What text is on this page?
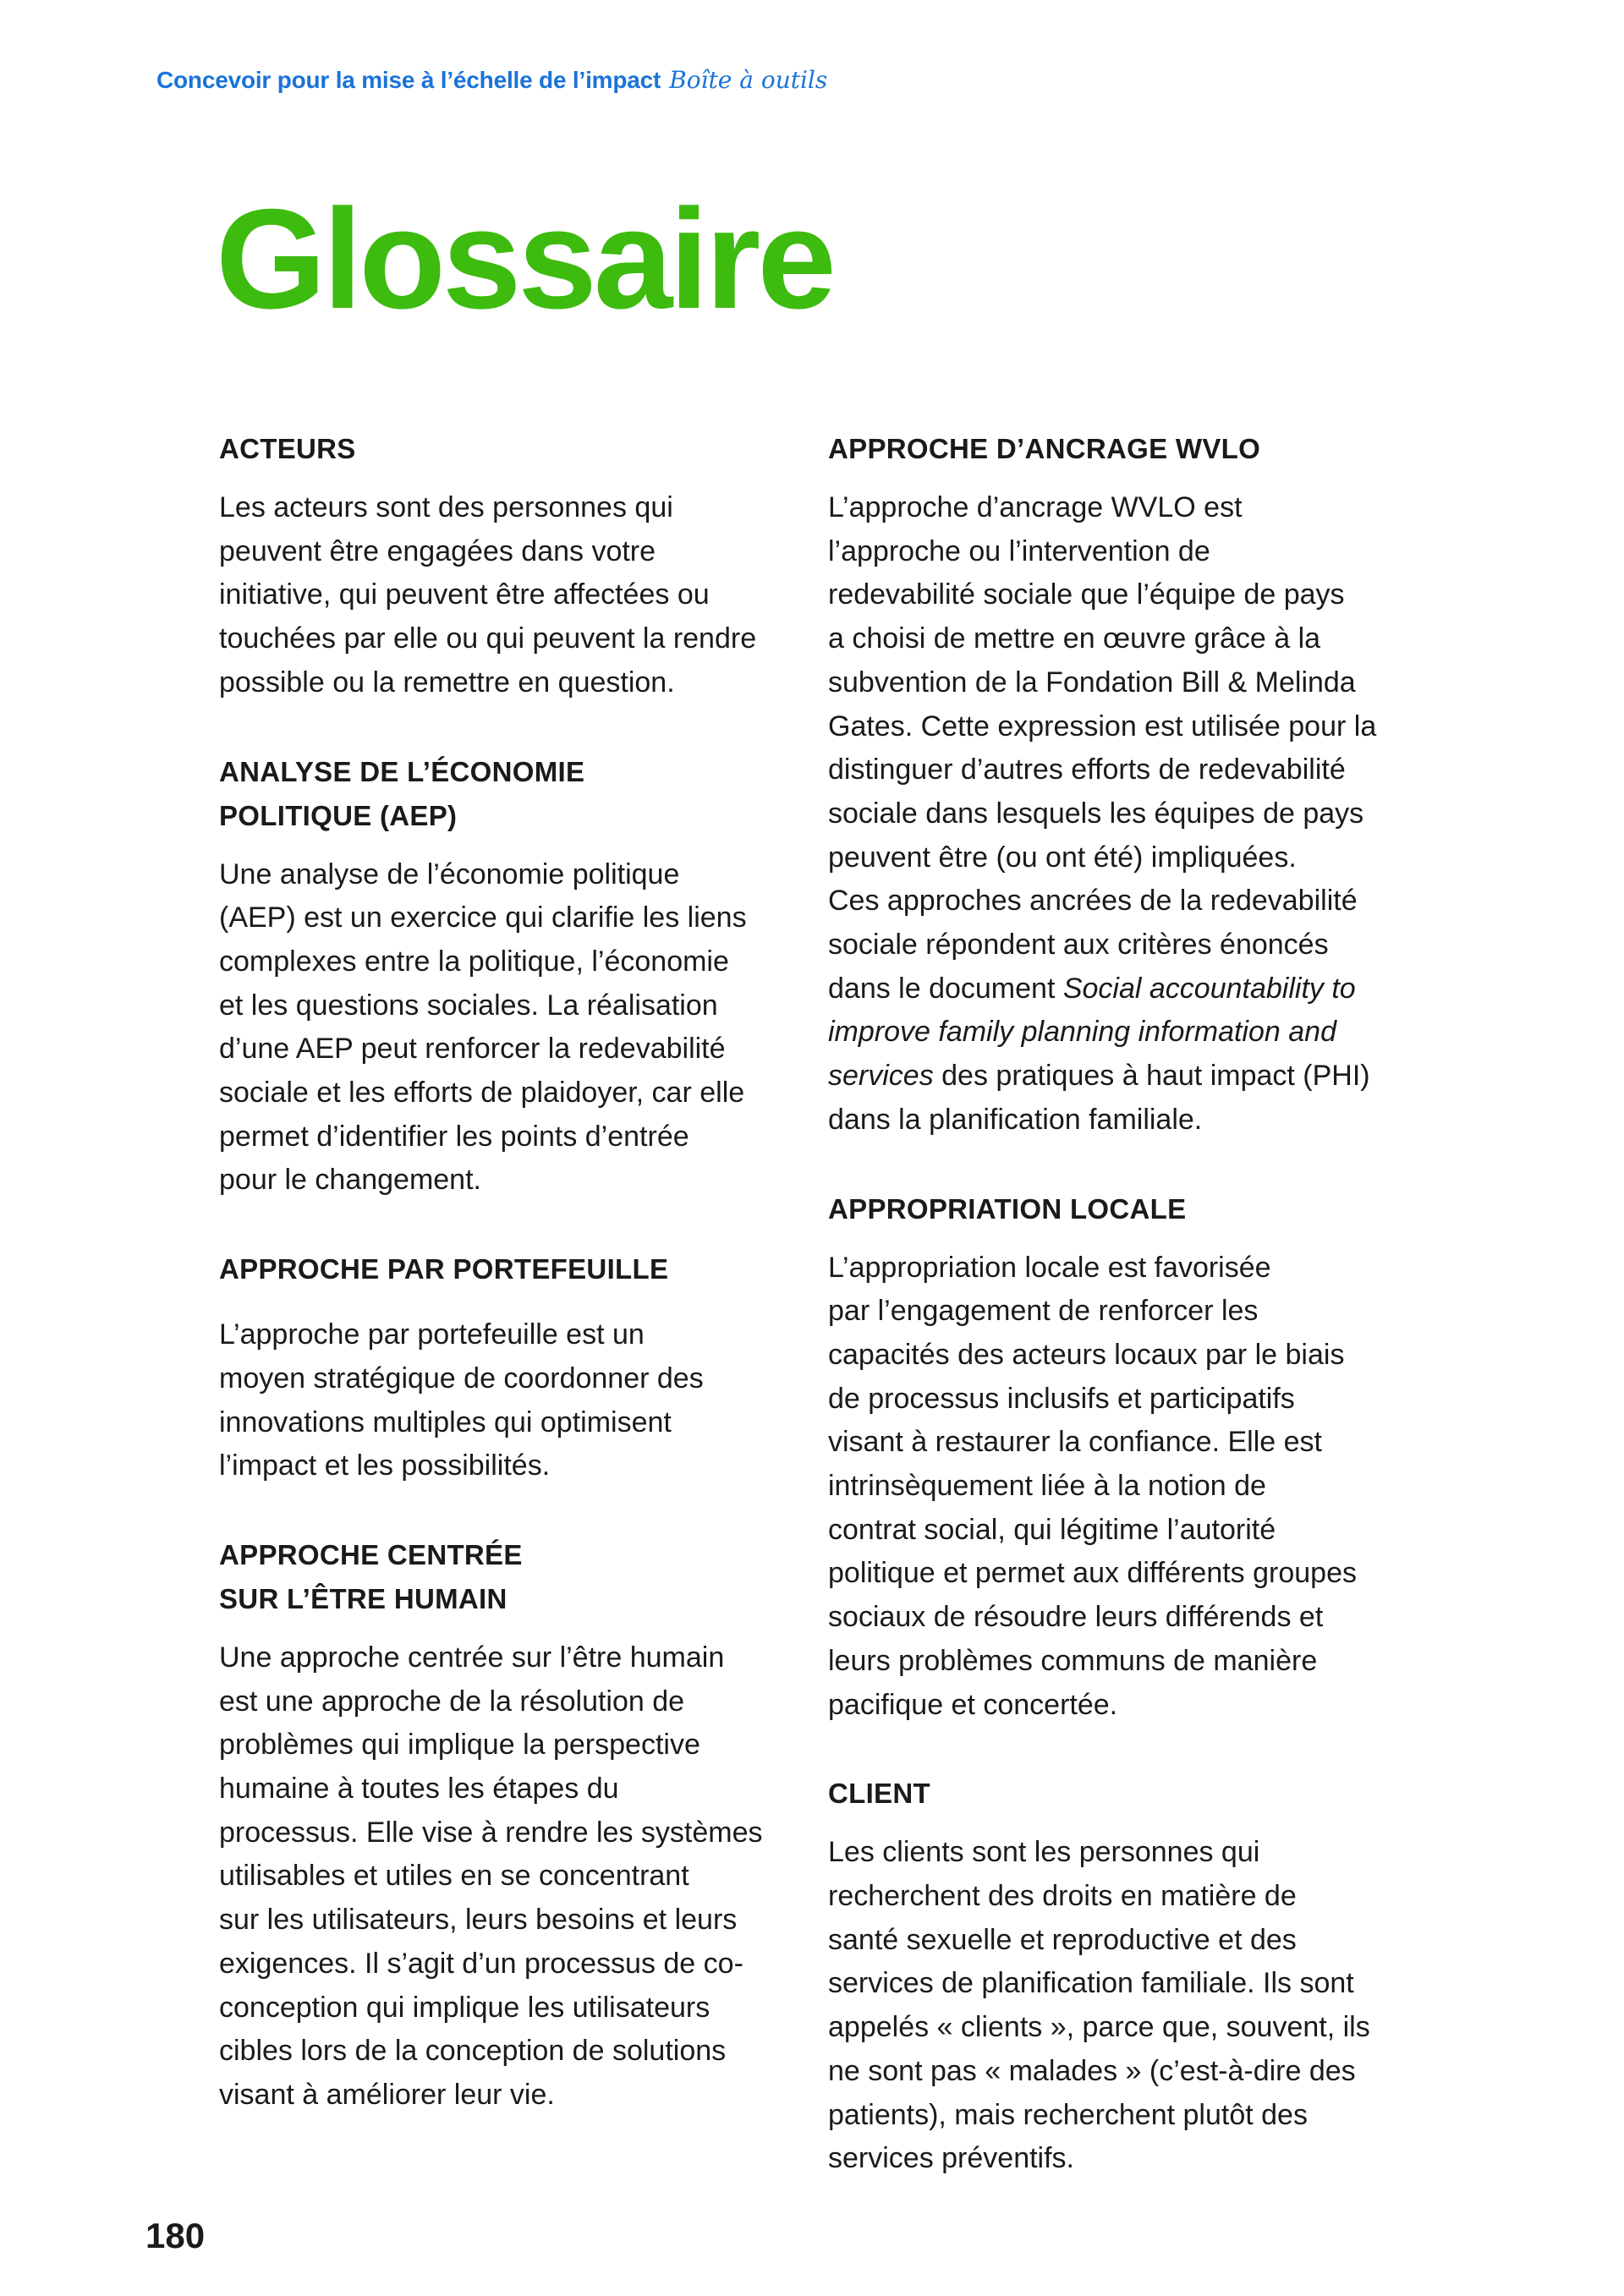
Concevoir pour la mise à l’échelle de l’impact Boîte à outils
Glossaire
ACTEURS

Les acteurs sont des personnes qui
peuvent être engagées dans votre
initiative, qui peuvent être affectées ou
touchées par elle ou qui peuvent la rendre
possible ou la remettre en question.

ANALYSE DE L’ÉCONOMIE
POLITIQUE (AEP)

Une analyse de l’économie politique
(AEP) est un exercice qui clarifie les liens
complexes entre la politique, l’économie
et les questions sociales. La réalisation
d’une AEP peut renforcer la redevabilité
sociale et les efforts de plaidoyer, car elle
permet d’identifier les points d’entrée
pour le changement.

APPROCHE PAR PORTEFEUILLE

L’approche par portefeuille est un
moyen stratégique de coordonner des
innovations multiples qui optimisent
l’impact et les possibilités.

APPROCHE CENTRÉE
SUR L’ÊTRE HUMAIN

Une approche centrée sur l’être humain
est une approche de la résolution de
problèmes qui implique la perspective
humaine à toutes les étapes du
processus. Elle vise à rendre les systèmes
utilisables et utiles en se concentrant
sur les utilisateurs, leurs besoins et leurs
exigences. Il s’agit d’un processus de co-
conception qui implique les utilisateurs
cibles lors de la conception de solutions
visant à améliorer leur vie.

APPROCHE D’ANCRAGE WVLO

L’approche d’ancrage WVLO est
l’approche ou l’intervention de
redevabilité sociale que l’équipe de pays
a choisi de mettre en œuvre grâce à la
subvention de la Fondation Bill & Melinda
Gates. Cette expression est utilisée pour la
distinguer d’autres efforts de redevabilité
sociale dans lesquels les équipes de pays
peuvent être (ou ont été) impliquées.
Ces approches ancrées de la redevabilité
sociale répondent aux critères énoncés
dans le document Social accountability to
improve family planning information and
services des pratiques à haut impact (PHI)
dans la planification familiale.

APPROPRIATION LOCALE

L’appropriation locale est favorisée
par l’engagement de renforcer les
capacités des acteurs locaux par le biais
de processus inclusifs et participatifs
visant à restaurer la confiance. Elle est
intrinsèquement liée à la notion de
contrat social, qui légitime l’autorité
politique et permet aux différents groupes
sociaux de résoudre leurs différends et
leurs problèmes communs de manière
pacifique et concertée.

CLIENT

Les clients sont les personnes qui
recherchent des droits en matière de
santé sexuelle et reproductive et des
services de planification familiale. Ils sont
appelés « clients », parce que, souvent, ils
ne sont pas « malades » (c’est-à-dire des
patients), mais recherchent plutôt des
services préventifs.

180
